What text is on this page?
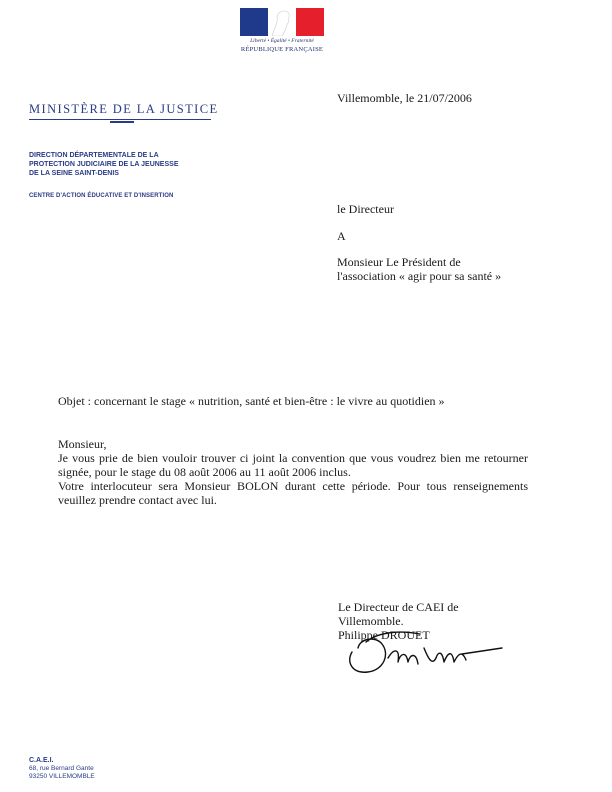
Liberté • Égalité • Fraternité
RÉPUBLIQUE FRANÇAISE
MINISTÈRE DE LA JUSTICE
DIRECTION DÉPARTEMENTALE DE LA
PROTECTION JUDICIAIRE DE LA JEUNESSE
DE LA SEINE SAINT-DENIS
CENTRE D'ACTION ÉDUCATIVE ET D'INSERTION
Villemomble, le 21/07/2006
le Directeur
A
Monsieur Le Président de
l'association « agir pour sa santé »
Objet : concernant le stage « nutrition, santé et bien-être : le vivre au quotidien »
Monsieur,
Je vous prie de bien vouloir trouver ci joint la convention que vous voudrez bien me retourner
signée, pour le stage du 08 août 2006 au 11 août 2006 inclus.
Votre interlocuteur sera Monsieur BOLON durant cette période. Pour tous renseignements
veuillez prendre contact avec lui.
Le Directeur de CAEI de
Villemomble.
Philippe DROUET
C.A.E.I.
68, rue Bernard Gante
93250 VILLEMOMBLE
